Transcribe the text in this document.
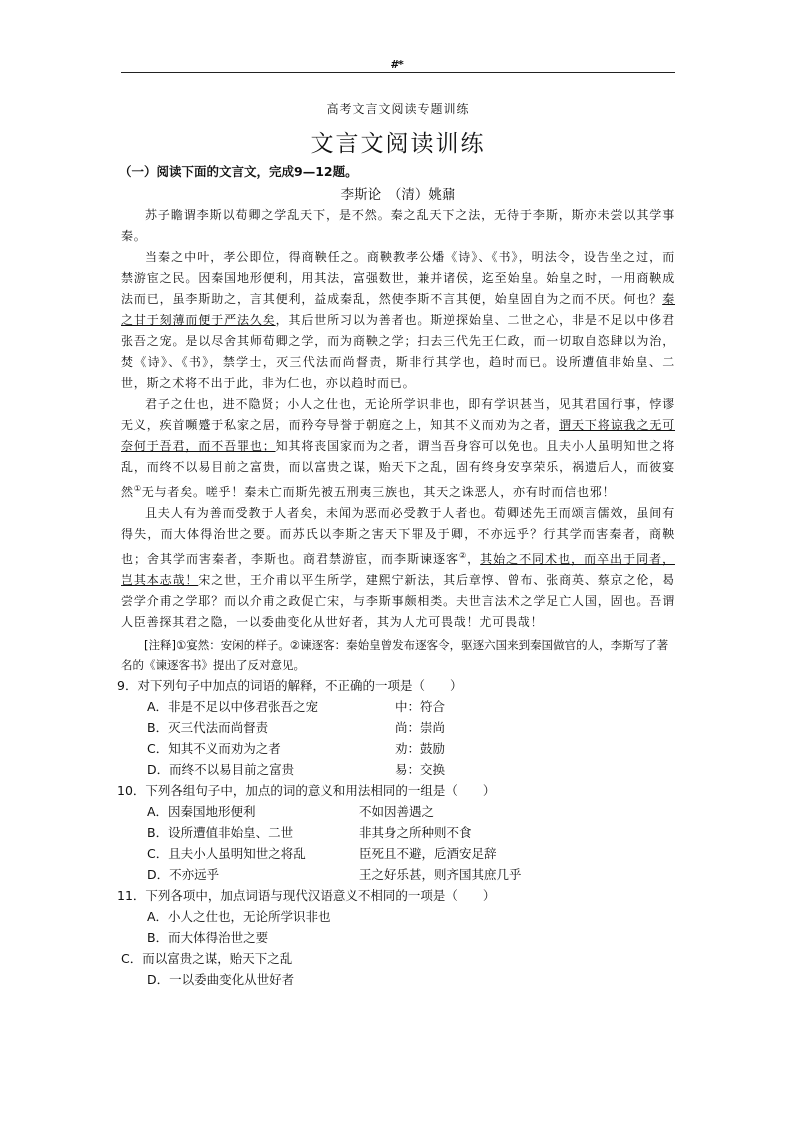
#*
高考文言文阅读专题训练
文言文阅读训练
（一）阅读下面的文言文，完成9—12题。
李斯论　（清）姚鼐

苏子瞻谓李斯以荀卿之学乱天下，是不然。秦之乱天下之法，无待于李斯，斯亦未尝以其学事秦。

当秦之中叶，孝公即位，得商鞅任之。商鞅教孝公燔《诗》、《书》，明法令，设告坐之过，而禁游宦之民。因秦国地形便利，用其法，富强数世，兼并诸侯，迄至始皇。始皇之时，一用商鞅成法而已，虽李斯助之，言其便利，益成秦乱，然使李斯不言其便，始皇固自为之而不厌。何也？秦之甘于刻薄而便于严法久矣，其后世所习以为善者也。斯逆探始皇、二世之心，非是不足以中侈君张吾之宠。是以尽舍其师荀卿之学，而为商鞅之学；扫去三代先王仁政，而一切取自恣肆以为治，焚《诗》、《书》，禁学士，灭三代法而尚督责，斯非行其学也，趋时而已。设所遭值非始皇、二世，斯之术将不出于此，非为仁也，亦以趋时而已。

君子之仕也，进不隐贤；小人之仕也，无论所学识非也，即有学识甚当，见其君国行事，悖谬无义，疾首嚬蹙于私家之居，而矜夸导誉于朝庭之上，知其不义而劝为之者，谓天下将谅我之无可奈何于吾君，而不吾罪也；知其将丧国家而为之者，谓当吾身容可以免也。且夫小人虽明知世之将乱，而终不以易目前之富贵，而以富贵之谋，贻天下之乱，固有终身安享荣乐，祸遗后人，而彼宴然①无与者矣。嗟乎！秦未亡而斯先被五刑夷三族也，其天之诛恶人，亦有时而信也邪！

且夫人有为善而受教于人者矣，未闻为恶而必受教于人者也。荀卿述先王而颂言儒效，虽间有得失，而大体得治世之要。而苏氏以李斯之害天下罪及于卿，不亦远乎？行其学而害秦者，商鞅也；舍其学而害秦者，李斯也。商君禁游宦，而李斯谏逐客②，其始之不同术也，而卒出于同者，岂其本志哉！宋之世，王介甫以平生所学，建熙宁新法，其后章惇、曾布、张商英、蔡京之伦，曷尝学介甫之学耶？而以介甫之政促亡宋，与李斯事颇相类。夫世言法术之学足亡人国，固也。吾谓人臣善探其君之隐，一以委曲变化从世好者，其为人尤可畏哉！尤可畏哉！

[注释]①宴然：安闲的样子。②谏逐客：秦始皇曾发布逐客令，驱逐六国来到秦国做官的人，李斯写了著名的《谏逐客书》提出了反对意见。

9．对下列句子中加点的词语的解释，不正确的一项是（　　）

A．非是不足以中侈君张吾之宠	中：符合
B．灭三代法而尚督责	尚：崇尚
C．知其不义而劝为之者	劝：鼓励
D．而终不以易目前之富贵	易：交换

10．下列各组句子中，加点的词的意义和用法相同的一组是（　　）

A．因秦国地形便利	不如因善遇之
B．设所遭值非始皇、二世	非其身之所种则不食
C．且夫小人虽明知世之将乱	臣死且不避，卮酒安足辞
D．不亦远乎	王之好乐甚，则齐国其庶几乎

11．下列各项中，加点词语与现代汉语意义不相同的一项是（　　）

A．小人之仕也，无论所学识非也
B．而大体得治世之要
C．而以富贵之谋，贻天下之乱
D．一以委曲变化从世好者
